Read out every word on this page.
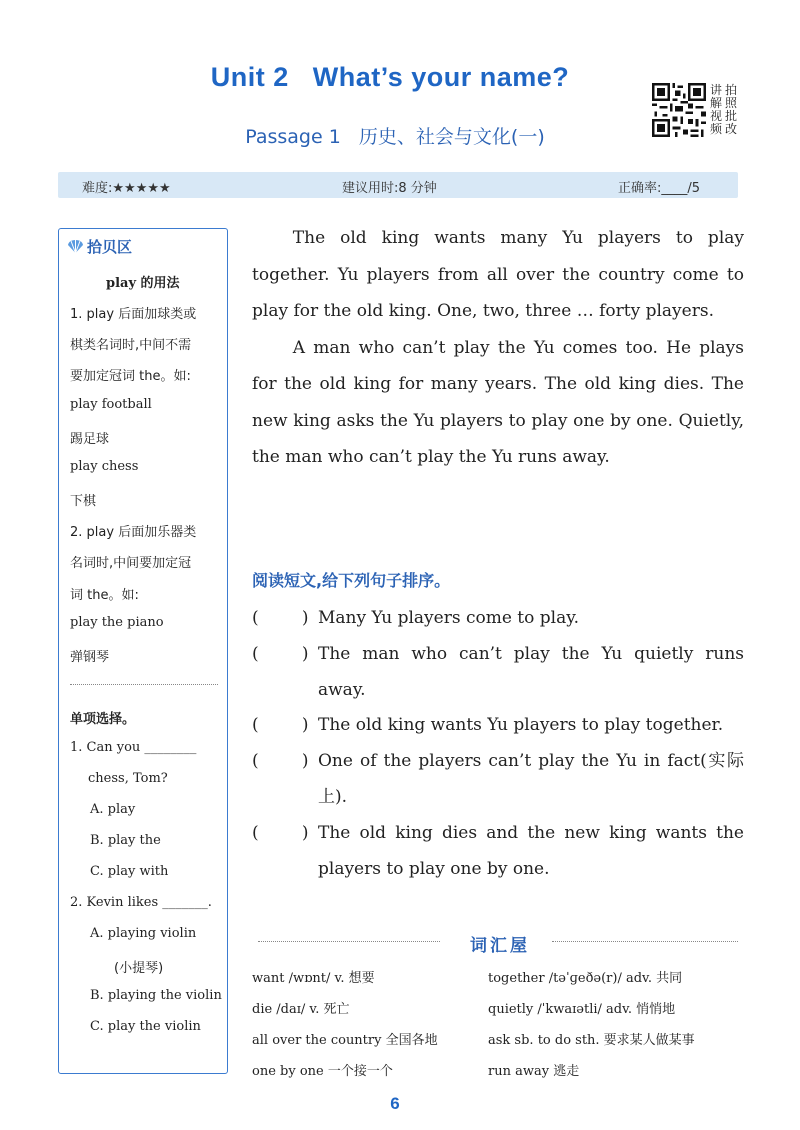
Unit 2   What’s your name?
Passage 1   历史、社会与文化(一)
讲 拍
解 照
视 批
频 改
难度:★★★★★	建议用时:8 分钟	正确率:____/5
拾贝区
play 的用法
1. play 后面加球类或
棋类名词时,中间不需
要加定冠词 the。如:
play football
踢足球
play chess
下棋
2. play 后面加乐器类
名词时,中间要加定冠
词 the。如:
play the piano
弹钢琴
单项选择。
1. Can you ________
chess, Tom?
A. play
B. play the
C. play with
2. Kevin likes _______.
A. playing violin
(小提琴)
B. playing the violin
C. play the violin

The old king wants many Yu players to play together. Yu players from all over the country come to play for the old king. One, two, three … forty players.

A man who can’t play the Yu comes too. He plays for the old king for many years. The old king dies. The new king asks the Yu players to play one by one. Quietly, the man who can’t play the Yu runs away.

阅读短文,给下列句子排序。
(        ) Many Yu players come to play.
(        ) The man who can’t play the Yu quietly runs away.
(        ) The old king wants Yu players to play together.
(        ) One of the players can’t play the Yu in fact(实际上).
(        ) The old king dies and the new king wants the players to play one by one.
词汇屋
want /wɒnt/ v. 想要
die /daɪ/ v. 死亡
all over the country 全国各地
one by one 一个接一个
together /təˈɡeðə(r)/ adv. 共同
quietly /ˈkwaɪətli/ adv. 悄悄地
ask sb. to do sth. 要求某人做某事
run away 逃走
6
